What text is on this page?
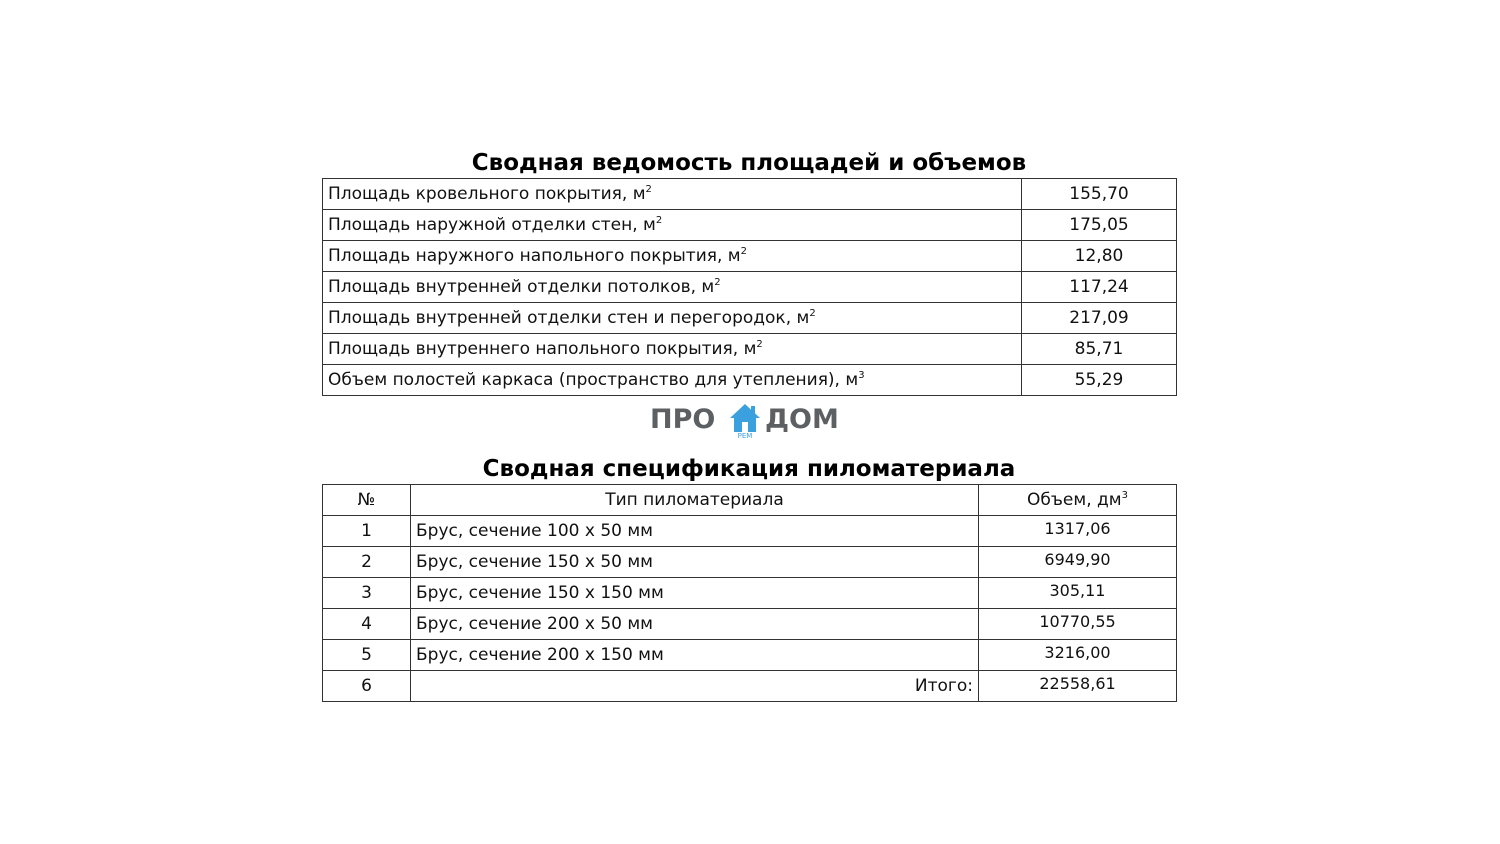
Сводная ведомость площадей и объемов
Площадь кровельного покрытия, $м^2$	155,70
Площадь наружной отделки стен, $м^2$	175,05
Площадь наружного напольного покрытия, $м^2$	12,80
Площадь внутренней отделки потолков, $м^2$	117,24
Площадь внутренней отделки стен и перегородок, $м^2$	217,09
Площадь внутреннего напольного покрытия, $м^2$	85,71
Объем полостей каркаса (пространство для утепления), $м^3$	55,29
ПРО
РЕМ
ДОМ
Сводная спецификация пиломатериала
№	Тип пиломатериала	Объем, $дм^3$
1	Брус, сечение 100 х 50 мм	1317,06
2	Брус, сечение 150 х 50 мм	6949,90
3	Брус, сечение 150 х 150 мм	305,11
4	Брус, сечение 200 х 50 мм	10770,55
5	Брус, сечение 200 х 150 мм	3216,00
6	Итого:	22558,61
